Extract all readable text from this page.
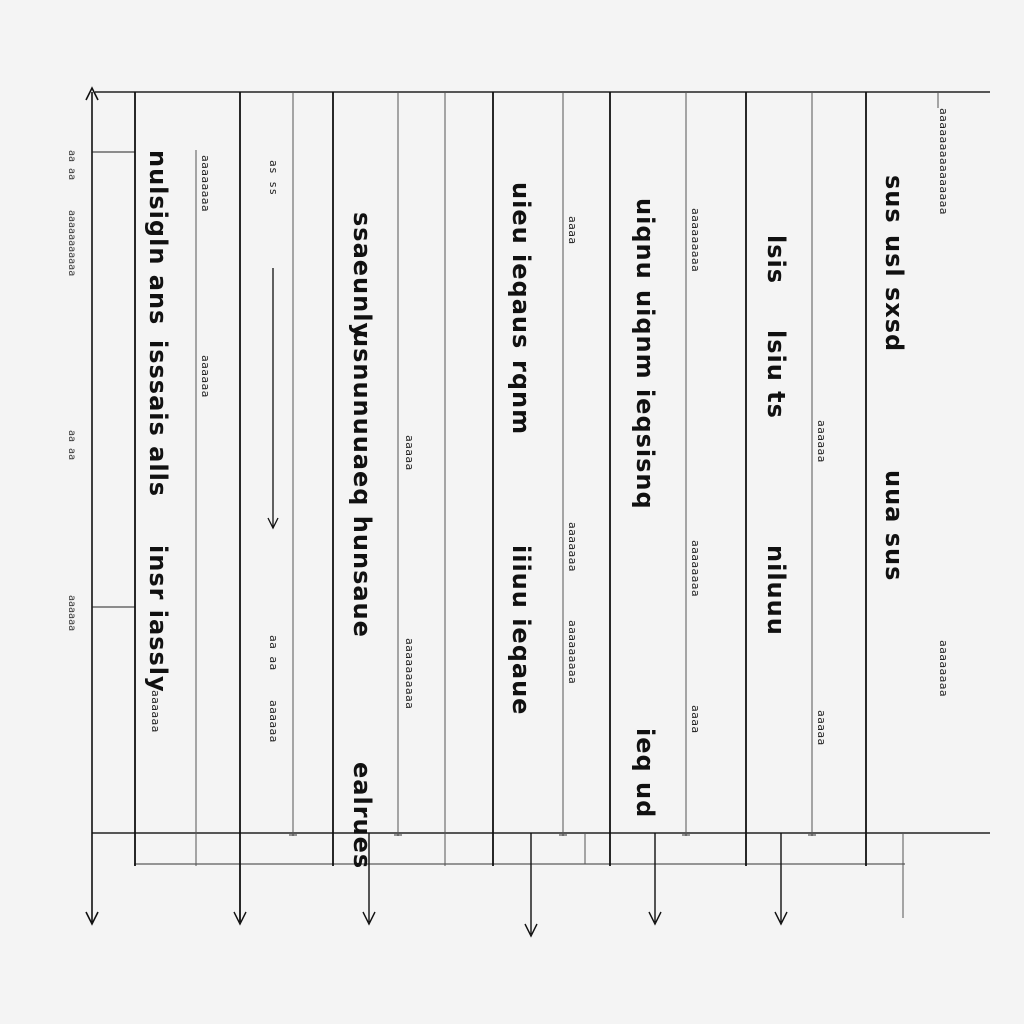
aa aa
aaaaaaaaaaa
aa aa
aaaaaa
nulsigln ans
isssais alls
insr iassly
aaaaaaaa
aaaaaa
aaaaaa
as ss
aa aa
aaaaaa
ssaeunly
usnunuuaeq hunsaue
ealrues
aaaaa
aaaaaaaaaa
uieu ieqaus
rqnm
iiiuu ieqaue
aaaa
aaaaaaa
aaaaaaaaa
uiqnu
uiqnm ieqsisnq
ieq ud
aaaaaaaaa
aaaaaaaa
aaaa
lsis
lsiu ts
niluuu
aaaaaa
aaaaa
sus
usl sxsd
uua sus
aaaaaaaaaaaaaaa
aaaaaaaa
